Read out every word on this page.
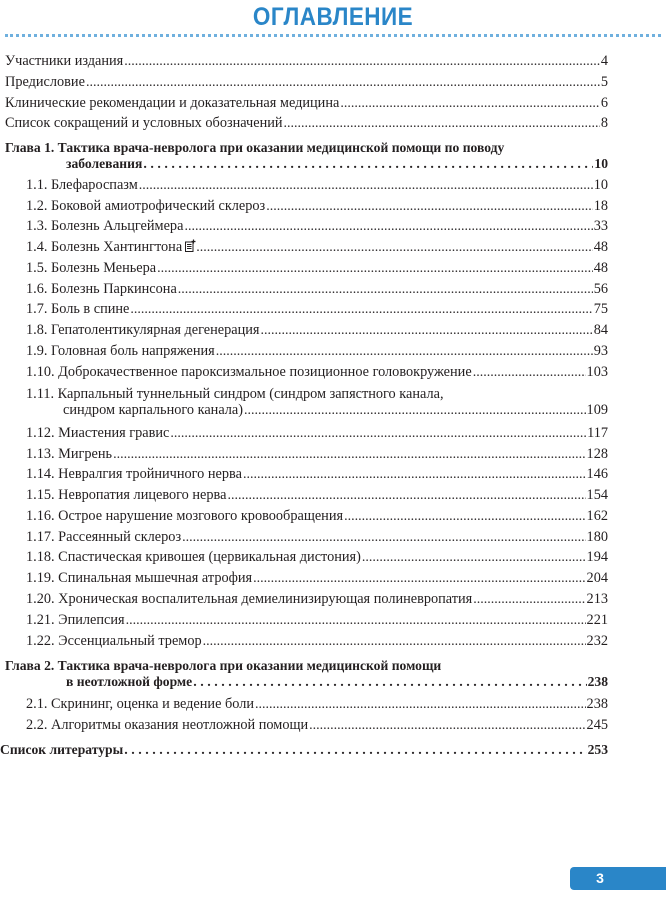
ОГЛАВЛЕНИЕ
Участники издания .....	4
Предисловие .....	5
Клинические рекомендации и доказательная медицина .....	6
Список сокращений и условных обозначений .....	8
Глава 1. Тактика врача-невролога при оказании медицинской помощи по поводу
заболевания . . .	10
1.1. Блефароспазм .....	10
1.2. Боковой амиотрофический склероз .....	18
1.3. Болезнь Альцгеймера .....	33
1.4. Болезнь Хантингтона .....	48
1.5. Болезнь Меньера .....	48
1.6. Болезнь Паркинсона .....	56
1.7. Боль в спине .....	75
1.8. Гепатолентикулярная дегенерация .....	84
1.9. Головная боль напряжения .....	93
1.10. Доброкачественное пароксизмальное позиционное головокружение .....	103
1.11. Карпальный туннельный синдром (синдром запястного канала,
синдром карпального канала) .....	109
1.12. Миастения гравис .....	117
1.13. Мигрень .....	128
1.14. Невралгия тройничного нерва .....	146
1.15. Невропатия лицевого нерва .....	154
1.16. Острое нарушение мозгового кровообращения .....	162
1.17. Рассеянный склероз .....	180
1.18. Спастическая кривошея (цервикальная дистония) .....	194
1.19. Спинальная мышечная атрофия .....	204
1.20. Хроническая воспалительная демиелинизирующая полиневропатия .....	213
1.21. Эпилепсия .....	221
1.22. Эссенциальный тремор .....	232
Глава 2. Тактика врача-невролога при оказании медицинской помощи
в неотложной форме . . .	238
2.1. Скрининг, оценка и ведение боли .....	238
2.2. Алгоритмы оказания неотложной помощи .....	245
Список литературы . . .	253
3
